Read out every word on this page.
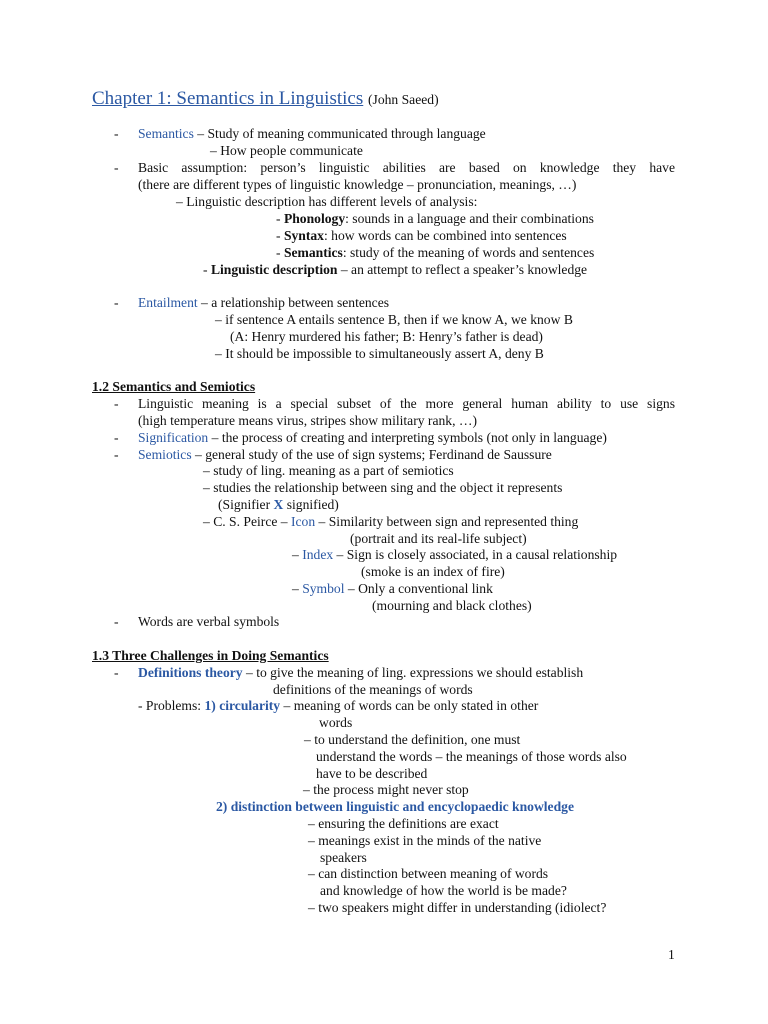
Chapter 1: Semantics in Linguistics (John Saeed)
- Semantics – Study of meaning communicated through language
– How people communicate
- Basic assumption: person’s linguistic abilities are based on knowledge they have
(there are different types of linguistic knowledge – pronunciation, meanings, …)
– Linguistic description has different levels of analysis:
- Phonology: sounds in a language and their combinations
- Syntax: how words can be combined into sentences
- Semantics: study of the meaning of words and sentences
- Linguistic description – an attempt to reflect a speaker’s knowledge
- Entailment – a relationship between sentences
– if sentence A entails sentence B, then if we know A, we know B
(A: Henry murdered his father; B: Henry’s father is dead)
– It should be impossible to simultaneously assert A, deny B
1.2 Semantics and Semiotics
- Linguistic meaning is a special subset of the more general human ability to use signs
(high temperature means virus, stripes show military rank, …)
- Signification – the process of creating and interpreting symbols (not only in language)
- Semiotics – general study of the use of sign systems; Ferdinand de Saussure
– study of ling. meaning as a part of semiotics
– studies the relationship between sing and the object it represents
(Signifier X signified)
– C. S. Peirce – Icon – Similarity between sign and represented thing
(portrait and its real-life subject)
– Index – Sign is closely associated, in a causal relationship
(smoke is an index of fire)
– Symbol – Only a conventional link
(mourning and black clothes)
- Words are verbal symbols
1.3 Three Challenges in Doing Semantics
- Definitions theory – to give the meaning of ling. expressions we should establish
definitions of the meanings of words
- Problems: 1) circularity – meaning of words can be only stated in other
words
– to understand the definition, one must
understand the words – the meanings of those words also
have to be described
– the process might never stop
2) distinction between linguistic and encyclopaedic knowledge
– ensuring the definitions are exact
– meanings exist in the minds of the native
speakers
– can distinction between meaning of words
and knowledge of how the world is be made?
– two speakers might differ in understanding (idiolect?
1
